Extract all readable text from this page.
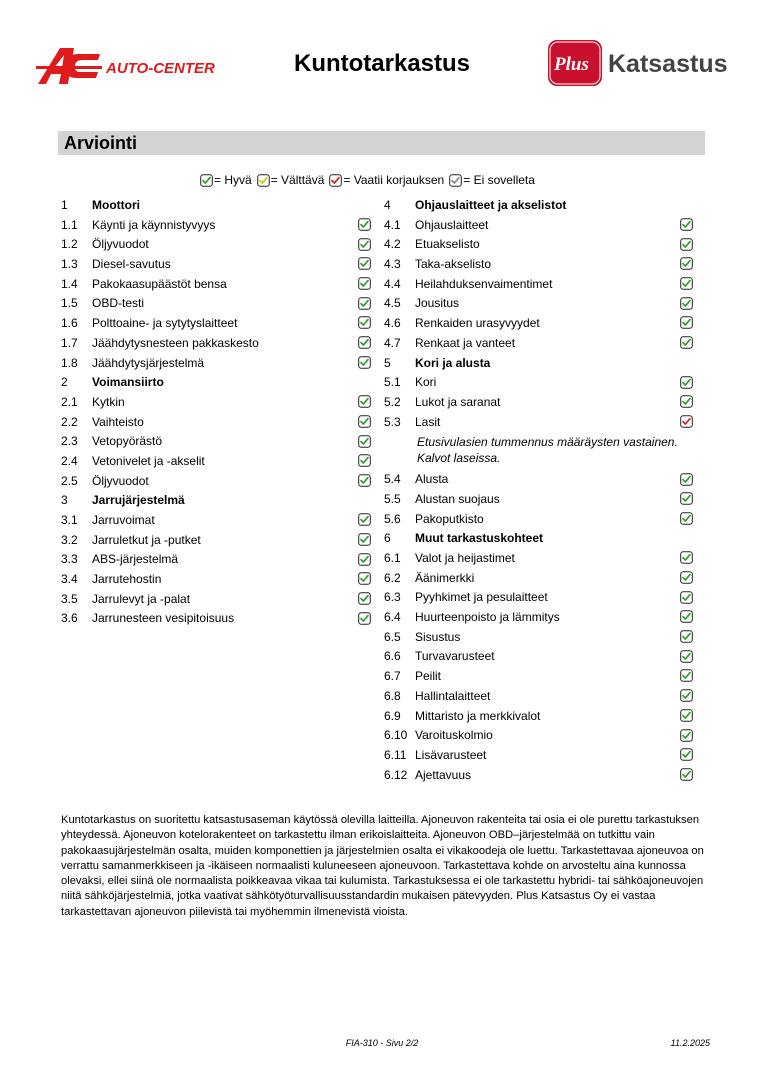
AUTO-CENTER	Kuntotarkastus	Plus Katsastus
Arviointi
= Hyvä = Välttävä = Vaatii korjauksen = Ei sovelleta
1 Moottori
1.1 Käynti ja käynnistyvyys
1.2 Öljyvuodot
1.3 Diesel-savutus
1.4 Pakokaasupäästöt bensa
1.5 OBD-testi
1.6 Polttoaine- ja sytytyslaitteet
1.7 Jäähdytysnesteen pakkaskesto
1.8 Jäähdytysjärjestelmä
2 Voimansiirto
2.1 Kytkin
2.2 Vaihteisto
2.3 Vetopyörästö
2.4 Vetonivelet ja -akselit
2.5 Öljyvuodot
3 Jarrujärjestelmä
3.1 Jarruvoimat
3.2 Jarruletkut ja -putket
3.3 ABS-järjestelmä
3.4 Jarrutehostin
3.5 Jarrulevyt ja -palat
3.6 Jarrunesteen vesipitoisuus
4 Ohjauslaitteet ja akselistot
4.1 Ohjauslaitteet
4.2 Etuakselisto
4.3 Taka-akselisto
4.4 Heilahduksenvaimentimet
4.5 Jousitus
4.6 Renkaiden urasyvyydet
4.7 Renkaat ja vanteet
5 Kori ja alusta
5.1 Kori
5.2 Lukot ja saranat
5.3 Lasit
Etusivulasien tummennus määräysten vastainen. Kalvot laseissa.
5.4 Alusta
5.5 Alustan suojaus
5.6 Pakoputkisto
6 Muut tarkastuskohteet
6.1 Valot ja heijastimet
6.2 Äänimerkki
6.3 Pyyhkimet ja pesulaitteet
6.4 Huurteenpoisto ja lämmitys
6.5 Sisustus
6.6 Turvavarusteet
6.7 Peilit
6.8 Hallintalaitteet
6.9 Mittaristo ja merkkivalot
6.10 Varoituskolmio
6.11 Lisävarusteet
6.12 Ajettavuus
Kuntotarkastus on suoritettu katsastusaseman käytössä olevilla laitteilla. Ajoneuvon rakenteita tai osia ei ole purettu tarkastuksen yhteydessä. Ajoneuvon kotelorakenteet on tarkastettu ilman erikoislaitteita. Ajoneuvon OBD–järjestelmää on tutkittu vain pakokaasujärjestelmän osalta, muiden komponettien ja järjestelmien osalta ei vikakoodeja ole luettu. Tarkastettavaa ajoneuvoa on verrattu samanmerkkiseen ja -ikäiseen normaalisti kuluneeseen ajoneuvoon. Tarkastettava kohde on arvosteltu aina kunnossa olevaksi, ellei siinä ole normaalista poikkeavaa vikaa tai kulumista. Tarkastuksessa ei ole tarkastettu hybridi- tai sähköajoneuvojen niitä sähköjärjestelmiä, jotka vaativat sähkötyöturvallisuusstandardin mukaisen pätevyyden. Plus Katsastus Oy ei vastaa tarkastettavan ajoneuvon piilevistä tai myöhemmin ilmenevistä vioista.
FIA-310 - Sivu 2/2	11.2.2025
